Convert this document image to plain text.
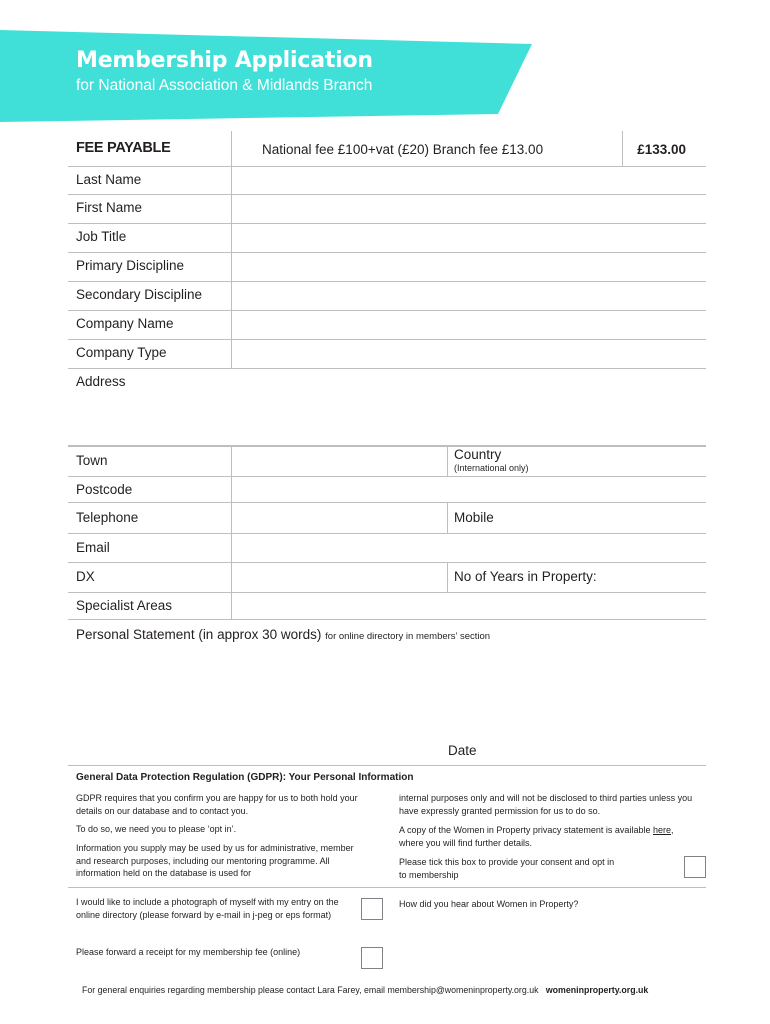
Membership Application
for National Association & Midlands Branch
FEE PAYABLE	National fee £100+vat (£20) Branch fee £13.00	£133.00
Last Name
First Name
Job Title
Primary Discipline
Secondary Discipline
Company Name
Company Type
Address
Town	Country
(International only)
Postcode
Telephone	Mobile
Email
DX	No of Years in Property:
Specialist Areas
Personal Statement (in approx 30 words) for online directory in members’ section
Date
General Data Protection Regulation (GDPR): Your Personal Information
GDPR requires that you confirm you are happy for us to both hold your details on our database and to contact you.
To do so, we need you to please ‘opt in’.
Information you supply may be used by us for administrative, member and research purposes, including our mentoring programme. All information held on the database is used for
internal purposes only and will not be disclosed to third parties unless you have expressly granted permission for us to do so.
A copy of the Women in Property privacy statement is available here, where you will find further details.
Please tick this box to provide your consent and opt in to membership
I would like to include a photograph of myself with my entry on the online directory (please forward by e-mail in j-peg or eps format)
Please forward a receipt for my membership fee (online)
How did you hear about Women in Property?
For general enquiries regarding membership please contact Lara Farey, email membership@womeninproperty.org.uk womeninproperty.org.uk
